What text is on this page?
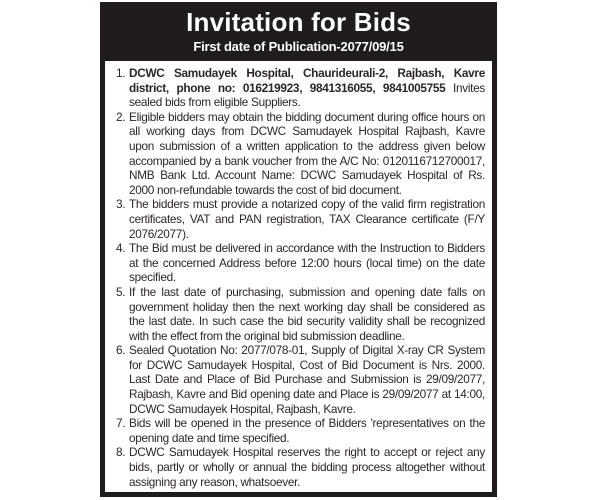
Invitation for Bids
First date of Publication-2077/09/15
1. DCWC Samudayek Hospital, Chaurideurali-2, Rajbash, Kavre district, phone no: 016219923, 9841316055, 9841005755 Invites sealed bids from eligible Suppliers.
2. Eligible bidders may obtain the bidding document during office hours on all working days from DCWC Samudayek Hospital Rajbash, Kavre upon submission of a written application to the address given below accompanied by a bank voucher from the A/C No: 0120116712700017, NMB Bank Ltd. Account Name: DCWC Samudayek Hospital of Rs. 2000 non-refundable towards the cost of bid document.
3. The bidders must provide a notarized copy of the valid firm registration certificates, VAT and PAN registration, TAX Clearance certificate (F/Y 2076/2077).
4. The Bid must be delivered in accordance with the Instruction to Bidders at the concerned Address before 12:00 hours (local time) on the date specified.
5. If the last date of purchasing, submission and opening date falls on government holiday then the next working day shall be considered as the last date. In such case the bid security validity shall be recognized with the effect from the original bid submission deadline.
6. Sealed Quotation No: 2077/078-01, Supply of Digital X-ray CR System for DCWC Samudayek Hospital, Cost of Bid Document is Nrs. 2000. Last Date and Place of Bid Purchase and Submission is 29/09/2077, Rajbash, Kavre and Bid opening date and Place is 29/09/2077 at 14:00, DCWC Samudayek Hospital, Rajbash, Kavre.
7. Bids will be opened in the presence of Bidders 'representatives on the opening date and time specified.
8. DCWC Samudayek Hospital reserves the right to accept or reject any bids, partly or wholly or annual the bidding process altogether without assigning any reason, whatsoever.
